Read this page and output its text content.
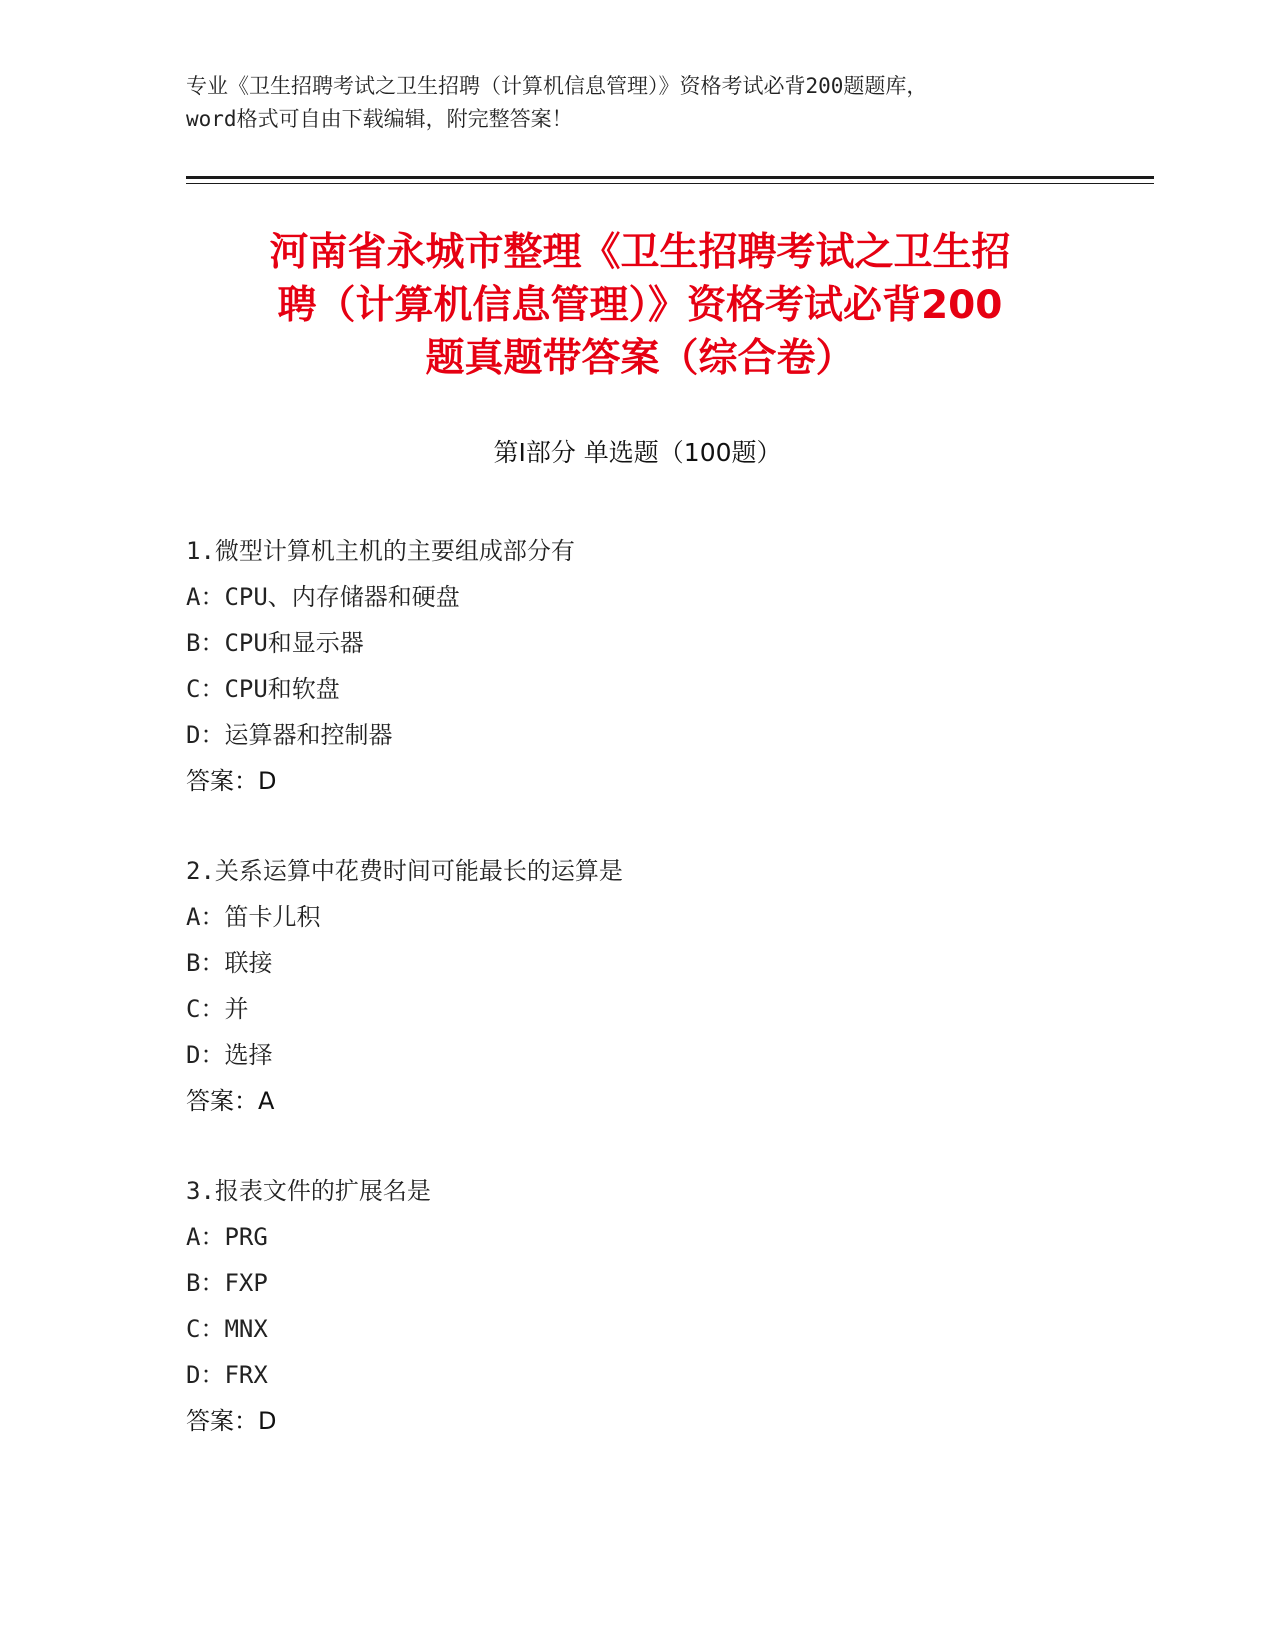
专业《卫生招聘考试之卫生招聘（计算机信息管理）》资格考试必背200题题库，
word格式可自由下载编辑，附完整答案！
河南省永城市整理《卫生招聘考试之卫生招
聘（计算机信息管理）》资格考试必背200
题真题带答案（综合卷）
第Ⅰ部分 单选题（100题）
1.微型计算机主机的主要组成部分有
A：CPU、内存储器和硬盘
B：CPU和显示器
C：CPU和软盘
D：运算器和控制器
答案：D
2.关系运算中花费时间可能最长的运算是
A：笛卡儿积
B：联接
C：并
D：选择
答案：A
3.报表文件的扩展名是
A：PRG
B：FXP
C：MNX
D：FRX
答案：D
